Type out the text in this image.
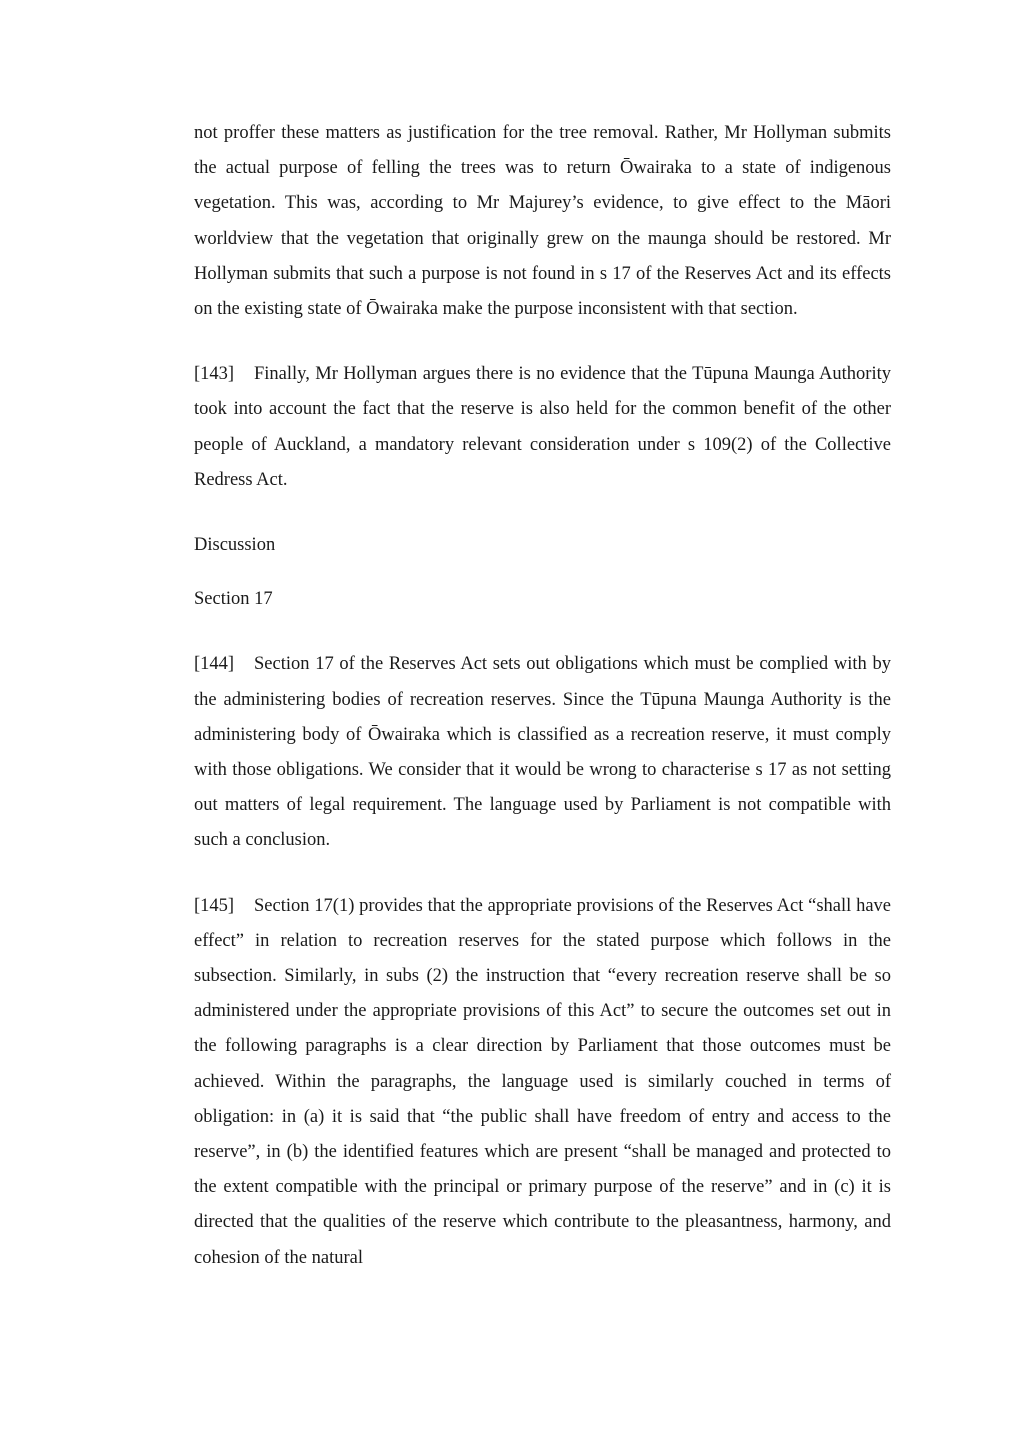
not proffer these matters as justification for the tree removal. Rather, Mr Hollyman submits the actual purpose of felling the trees was to return Ōwairaka to a state of indigenous vegetation. This was, according to Mr Majurey’s evidence, to give effect to the Māori worldview that the vegetation that originally grew on the maunga should be restored. Mr Hollyman submits that such a purpose is not found in s 17 of the Reserves Act and its effects on the existing state of Ōwairaka make the purpose inconsistent with that section.

[143] Finally, Mr Hollyman argues there is no evidence that the Tūpuna Maunga Authority took into account the fact that the reserve is also held for the common benefit of the other people of Auckland, a mandatory relevant consideration under s 109(2) of the Collective Redress Act.

Discussion

Section 17

[144] Section 17 of the Reserves Act sets out obligations which must be complied with by the administering bodies of recreation reserves. Since the Tūpuna Maunga Authority is the administering body of Ōwairaka which is classified as a recreation reserve, it must comply with those obligations. We consider that it would be wrong to characterise s 17 as not setting out matters of legal requirement. The language used by Parliament is not compatible with such a conclusion.

[145] Section 17(1) provides that the appropriate provisions of the Reserves Act “shall have effect” in relation to recreation reserves for the stated purpose which follows in the subsection. Similarly, in subs (2) the instruction that “every recreation reserve shall be so administered under the appropriate provisions of this Act” to secure the outcomes set out in the following paragraphs is a clear direction by Parliament that those outcomes must be achieved. Within the paragraphs, the language used is similarly couched in terms of obligation: in (a) it is said that “the public shall have freedom of entry and access to the reserve”, in (b) the identified features which are present “shall be managed and protected to the extent compatible with the principal or primary purpose of the reserve” and in (c) it is directed that the qualities of the reserve which contribute to the pleasantness, harmony, and cohesion of the natural
